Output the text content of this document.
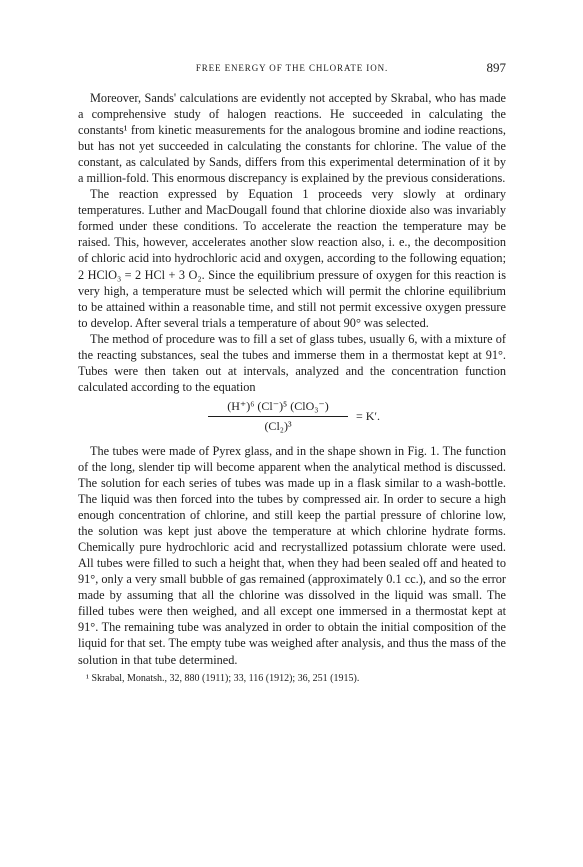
FREE ENERGY OF THE CHLORATE ION.	897

Moreover, Sands' calculations are evidently not accepted by Skrabal, who has made a comprehensive study of halogen reactions. He succeeded in calculating the constants¹ from kinetic measurements for the analogous bromine and iodine reactions, but has not yet succeeded in calculating the constants for chlorine. The value of the constant, as calculated by Sands, differs from this experimental determination of it by a million-fold. This enormous discrepancy is explained by the previous considerations.

The reaction expressed by Equation 1 proceeds very slowly at ordinary temperatures. Luther and MacDougall found that chlorine dioxide also was invariably formed under these conditions. To accelerate the reaction the temperature may be raised. This, however, accelerates another slow reaction also, i. e., the decomposition of chloric acid into hydrochloric acid and oxygen, according to the following equation; 2 HClO₃ = 2 HCl + 3 O₂. Since the equilibrium pressure of oxygen for this reaction is very high, a temperature must be selected which will permit the chlorine equilibrium to be attained within a reasonable time, and still not permit excessive oxygen pressure to develop. After several trials a temperature of about 90° was selected.

The method of procedure was to fill a set of glass tubes, usually 6, with a mixture of the reacting substances, seal the tubes and immerse them in a thermostat kept at 91°. Tubes were then taken out at intervals, analyzed and the concentration function calculated according to the equation

(H⁺)⁶ (Cl⁻)⁵ (ClO₃⁻)
(Cl₂)³
= K′.

The tubes were made of Pyrex glass, and in the shape shown in Fig. 1. The function of the long, slender tip will become apparent when the analytical method is discussed. The solution for each series of tubes was made up in a flask similar to a wash-bottle. The liquid was then forced into the tubes by compressed air. In order to secure a high enough concentration of chlorine, and still keep the partial pressure of chlorine low, the solution was kept just above the temperature at which chlorine hydrate forms. Chemically pure hydrochloric acid and recrystallized potassium chlorate were used. All tubes were filled to such a height that, when they had been sealed off and heated to 91°, only a very small bubble of gas remained (approximately 0.1 cc.), and so the error made by assuming that all the chlorine was dissolved in the liquid was small. The filled tubes were then weighed, and all except one immersed in a thermostat kept at 91°. The remaining tube was analyzed in order to obtain the initial composition of the liquid for that set. The empty tube was weighed after analysis, and thus the mass of the solution in that tube determined.

¹ Skrabal, Monatsh., 32, 880 (1911); 33, 116 (1912); 36, 251 (1915).
